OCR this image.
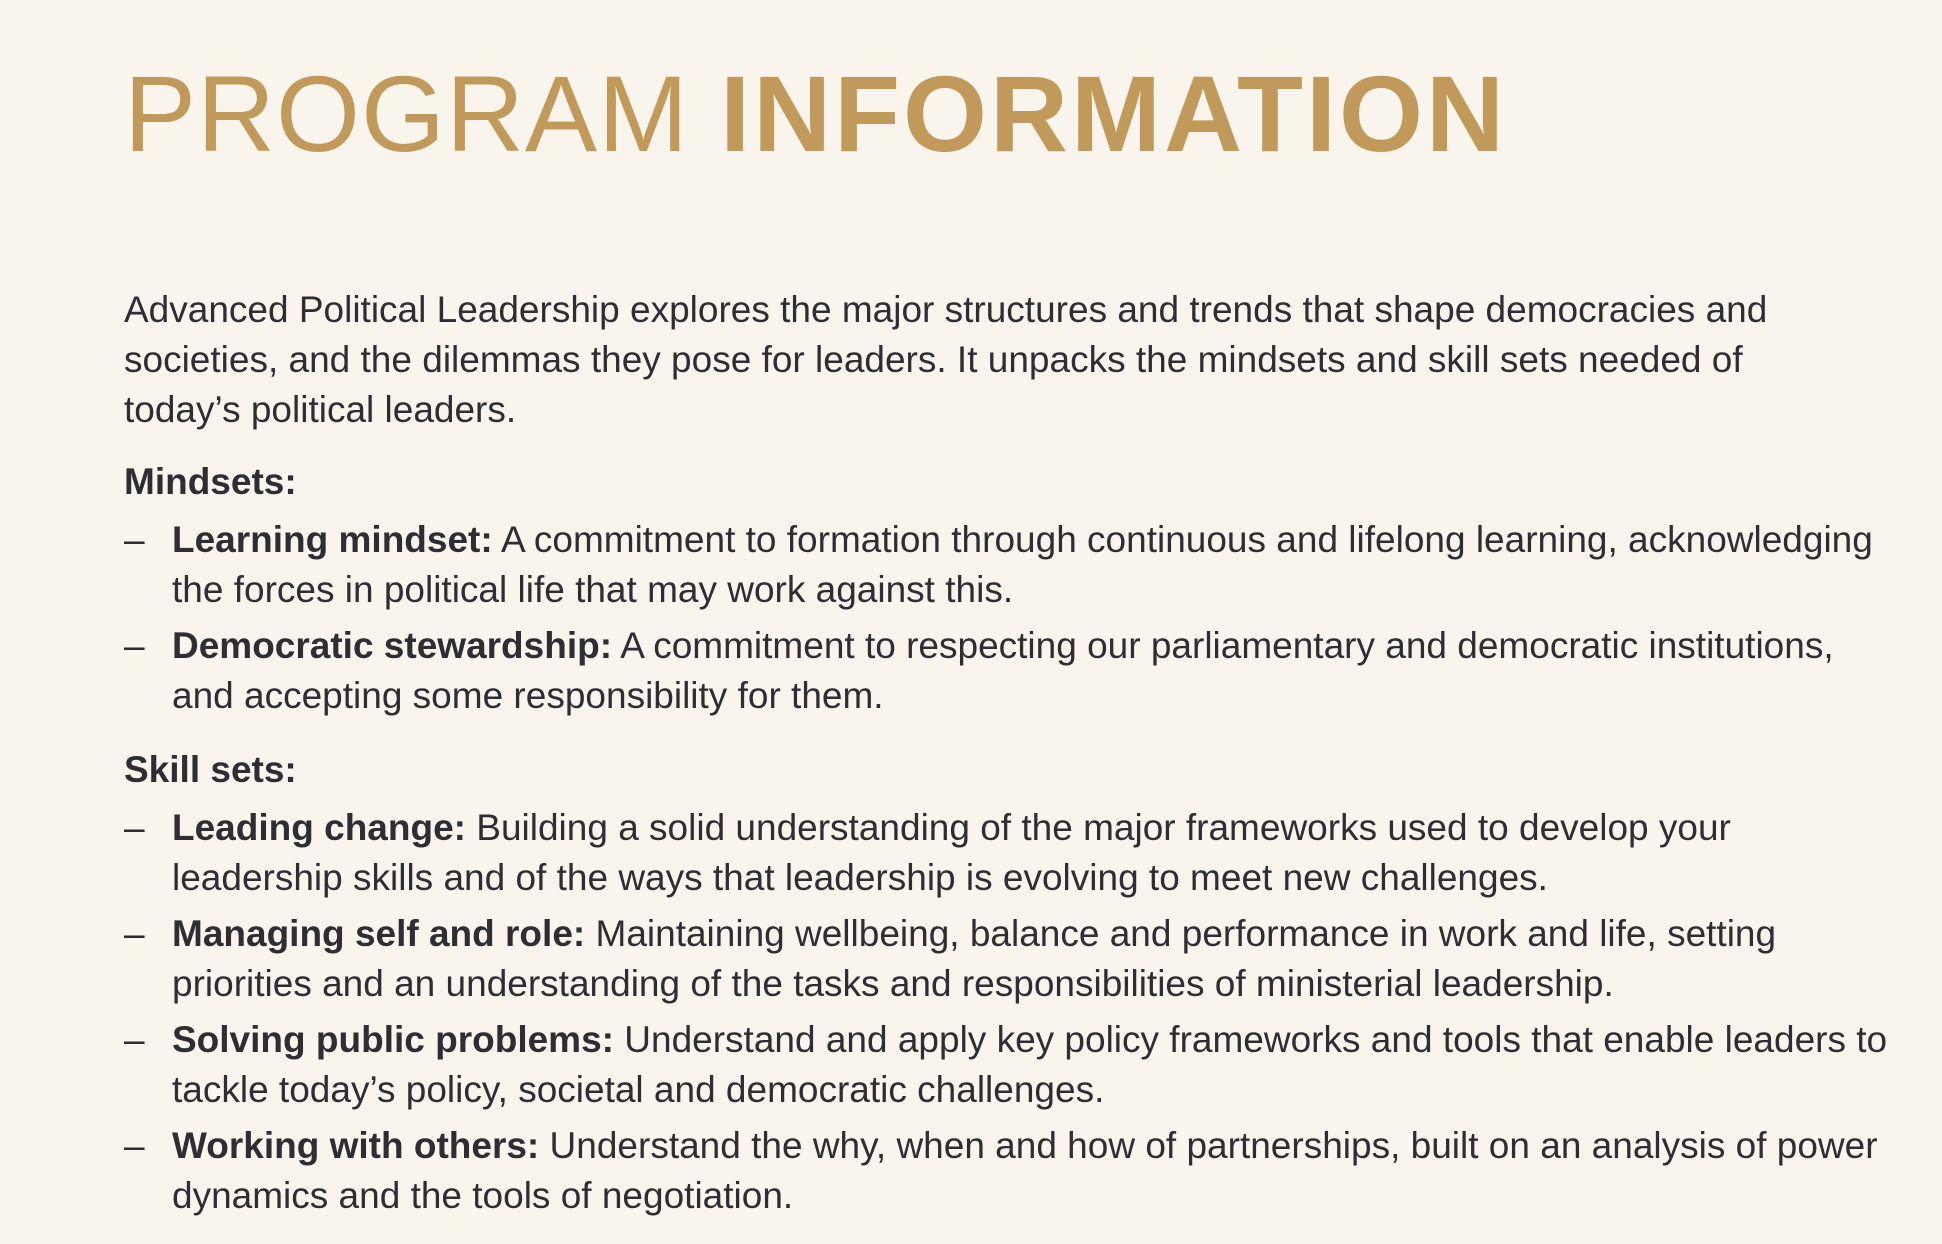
PROGRAM INFORMATION

Advanced Political Leadership explores the major structures and trends that shape democracies and societies, and the dilemmas they pose for leaders. It unpacks the mindsets and skill sets needed of today’s political leaders.

Mindsets:
– Learning mindset: A commitment to formation through continuous and lifelong learning, acknowledging the forces in political life that may work against this.
– Democratic stewardship: A commitment to respecting our parliamentary and democratic institutions, and accepting some responsibility for them.
Skill sets:
– Leading change: Building a solid understanding of the major frameworks used to develop your leadership skills and of the ways that leadership is evolving to meet new challenges.
– Managing self and role: Maintaining wellbeing, balance and performance in work and life, setting priorities and an understanding of the tasks and responsibilities of ministerial leadership.
– Solving public problems: Understand and apply key policy frameworks and tools that enable leaders to tackle today’s policy, societal and democratic challenges.
– Working with others: Understand the why, when and how of partnerships, built on an analysis of power dynamics and the tools of negotiation.
